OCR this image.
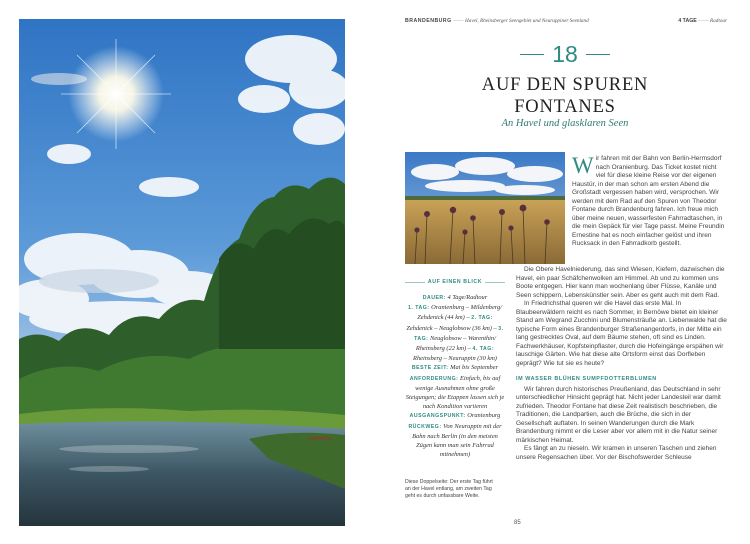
BRANDENBURG —— Havel, Rheinsberger Seengebiet und Neuruppiner Seenland	4 TAGE —— Radtour
18
AUF DEN SPUREN FONTANES
An Havel und glasklaren Seen
Wir fahren mit der Bahn von Berlin-Hermsdorf nach Oranienburg. Das Ticket kostet nicht viel für diese kleine Reise vor der eigenen Haustür, in der man schon am ersten Abend die Großstadt vergessen haben wird, versprochen. Wir werden mit dem Rad auf den Spuren von Theodor Fontane durch Brandenburg fahren. Ich freue mich über meine neuen, wasserfesten Fahrradtaschen, in die mein Gepäck für vier Tage passt. Meine Freundin Ernestine hat es noch einfacher gelöst und ihren Rucksack in den Fahrradkorb gestellt.
AUF EINEN BLICK
DAUER: 4 Tage/Radtour
1. TAG: Oranienburg – Mildenberg/ Zehdenick (44 km) – 2. TAG: Zehdenick – Neuglobsow (36 km) – 3. TAG: Neuglobsow – Warenthin/ Rheinsberg (22 km) – 4. TAG: Rheinsberg – Neuruppin (30 km)
BESTE ZEIT: Mai bis September
ANFORDERUNG: Einfach, bis auf wenige Ausnahmen ohne große Steigungen; die Etappen lassen sich je nach Kondition variieren
AUSGANGSPUNKT: Oranienburg
RÜCKWEG: Von Neuruppin mit der Bahn nach Berlin (in den meisten Zügen kann man sein Fahrrad mitnehmen)
Diese Doppelseite: Der erste Tag führt an der Havel entlang, am zweiten Tag geht es durch unfassbare Weite.

Die Obere Havelniederung, das sind Wiesen, Kiefern, dazwischen die Havel, ein paar Schäfchenwolken am Himmel. Ab und zu kommen uns Boote entgegen. Hier kann man wochenlang über Flüsse, Kanäle und Seen schippern, Lebenskünstler sein. Aber es geht auch mit dem Rad.

In Friedrichsthal queren wir die Havel das erste Mal. In Blaubeerwäldern reicht es nach Sommer, in Bernöwe bietet ein kleiner Stand am Wegrand Zucchini und Blumensträuße an. Liebenwalde hat die typische Form eines Brandenburger Straßenangerdorfs, in der Mitte ein lang gestrecktes Oval, auf dem Bäume stehen, oft sind es Linden. Fachwerkhäuser, Kopfsteinpflaster, durch die Hofeingänge erspähen wir lauschige Gärten. Wie hat diese alte Ortsform einst das Dorfleben geprägt? Wie tut sie es heute?

IM WASSER BLÜHEN SUMPFDOTTERBLUMEN

Wir fahren durch historisches Preußenland, das Deutschland in sehr unterschiedlicher Hinsicht geprägt hat. Nicht jeder Landesteil war damit zufrieden. Theodor Fontane hat diese Zeit realistisch beschrieben, die Traditionen, die Landpartien, auch die Brüche, die sich in der Gesellschaft auftaten. In seinen Wanderungen durch die Mark Brandenburg nimmt er die Leser aber vor allem mit in die Natur seiner märkischen Heimat.

Es fängt an zu nieseln. Wir kramen in unseren Taschen und ziehen unsere Regensachen über. Vor der Bischofswerder Schleuse

85
